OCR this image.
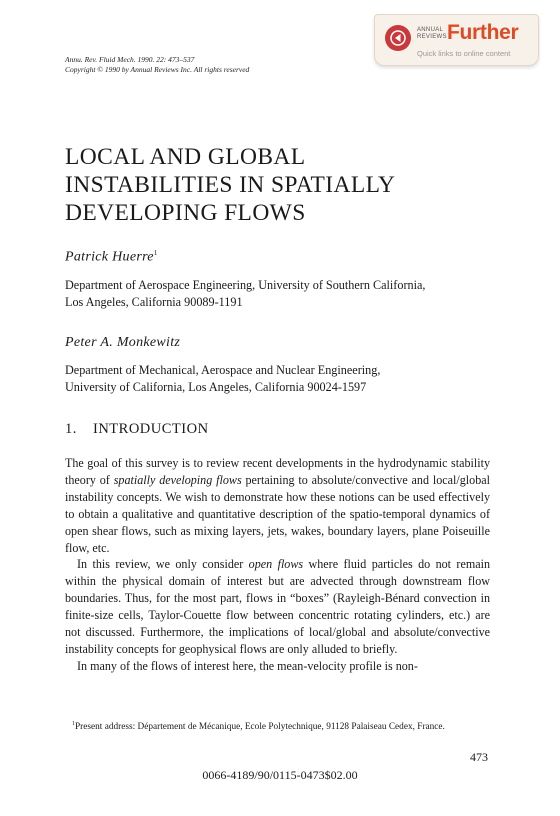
Annu. Rev. Fluid Mech. 1990. 22: 473–537
Copyright © 1990 by Annual Reviews Inc. All rights reserved
ANNUAL
REVIEWS Further
Quick links to online content
LOCAL AND GLOBAL
INSTABILITIES IN SPATIALLY
DEVELOPING FLOWS
Patrick Huerre$^1$
Department of Aerospace Engineering, University of Southern California,
Los Angeles, California 90089-1191
Peter A. Monkewitz
Department of Mechanical, Aerospace and Nuclear Engineering,
University of California, Los Angeles, California 90024-1597
1. INTRODUCTION

The goal of this survey is to review recent developments in the hydrodynamic stability theory of spatially developing flows pertaining to absolute/convective and local/global instability concepts. We wish to demonstrate how these notions can be used effectively to obtain a qualitative and quantitative description of the spatio-temporal dynamics of open shear flows, such as mixing layers, jets, wakes, boundary layers, plane Poiseuille flow, etc.

In this review, we only consider open flows where fluid particles do not remain within the physical domain of interest but are advected through downstream flow boundaries. Thus, for the most part, flows in “boxes” (Rayleigh-Bénard convection in finite-size cells, Taylor-Couette flow between concentric rotating cylinders, etc.) are not discussed. Furthermore, the implications of local/global and absolute/convective instability concepts for geophysical flows are only alluded to briefly.

In many of the flows of interest here, the mean-velocity profile is non-

$^1$Present address: Département de Mécanique, Ecole Polytechnique, 91128 Palaiseau Cedex, France.
473
0066-4189/90/0115-0473$02.00
